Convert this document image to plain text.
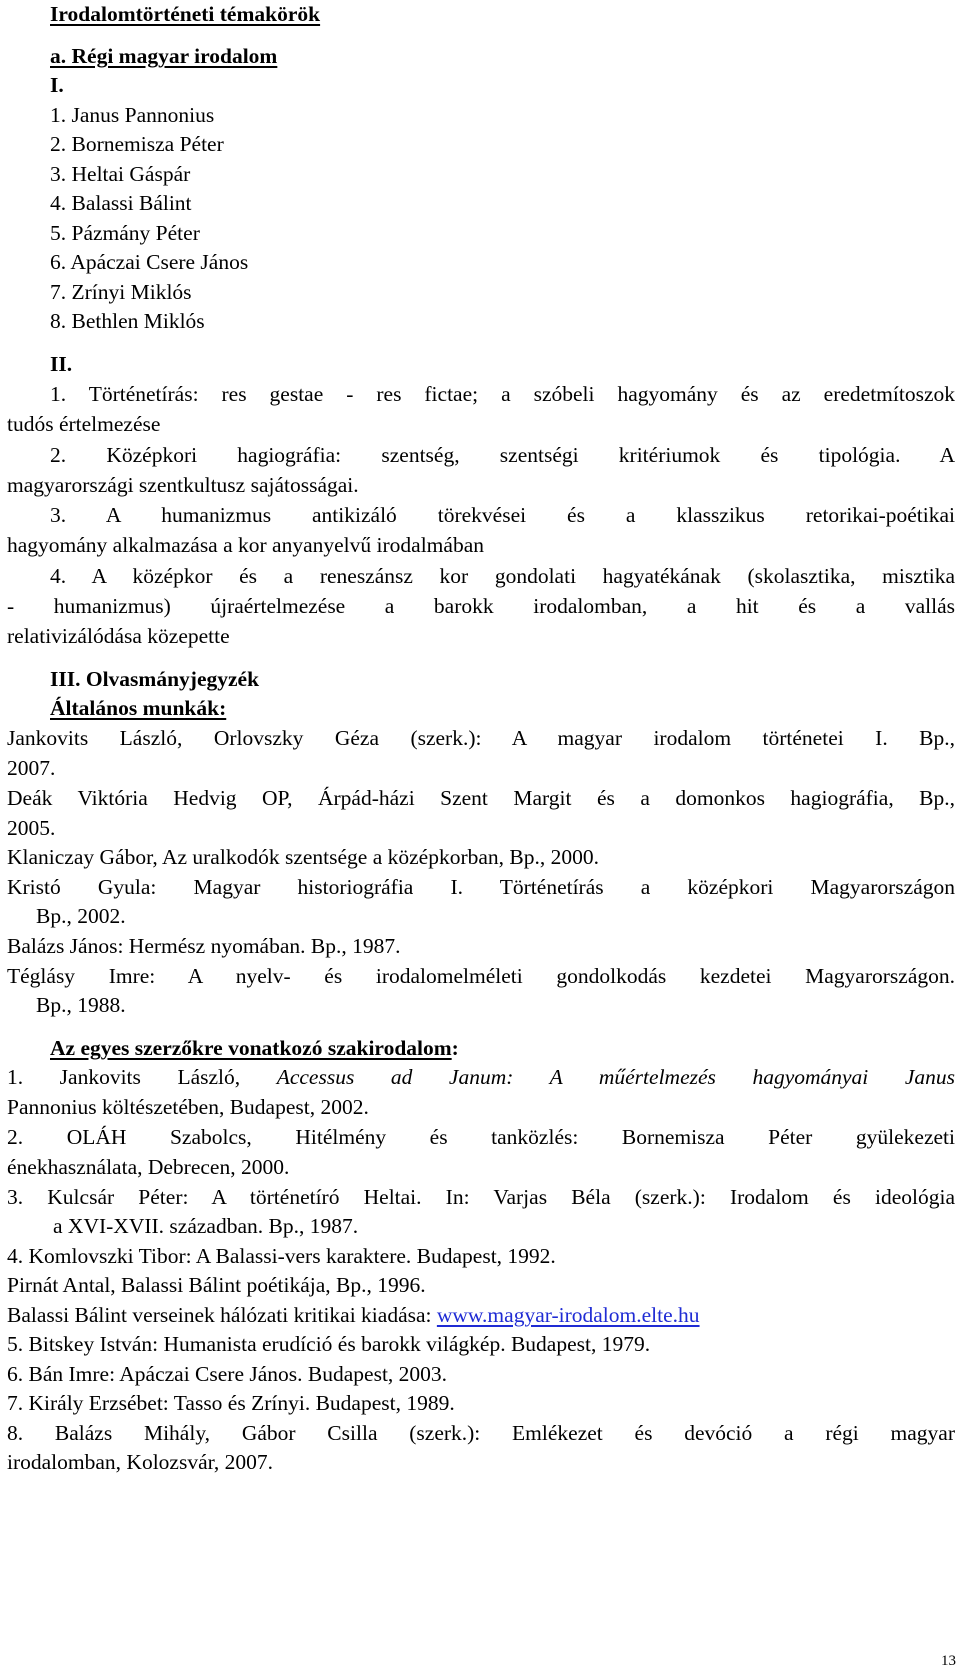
Irodalomtörténeti témakörök
a. Régi magyar irodalom
I.
1. Janus Pannonius
2. Bornemisza Péter
3. Heltai Gáspár
4. Balassi Bálint
5. Pázmány Péter
6. Apáczai Csere János
7. Zrínyi Miklós
8. Bethlen Miklós
II.
1. Történetírás: res gestae - res fictae; a szóbeli hagyomány és az eredetmítoszok
tudós értelmezése
2. Középkori hagiográfia: szentség, szentségi kritériumok és tipológia. A
magyarországi szentkultusz sajátosságai.
3. A humanizmus antikizáló törekvései és a klasszikus retorikai-poétikai
hagyomány alkalmazása a kor anyanyelvű irodalmában
4. A középkor és a reneszánsz kor gondolati hagyatékának (skolasztika, misztika
- humanizmus) újraértelmezése a barokk irodalomban, a hit és a vallás
relativizálódása közepette
III. Olvasmányjegyzék
Általános munkák:
Jankovits László, Orlovszky Géza (szerk.): A magyar irodalom történetei I. Bp.,
2007.
Deák Viktória Hedvig OP, Árpád-házi Szent Margit és a domonkos hagiográfia, Bp.,
2005.
Klaniczay Gábor, Az uralkodók szentsége a középkorban, Bp., 2000.
Kristó Gyula: Magyar historiográfia I. Történetírás a középkori Magyarországon
Bp., 2002.
Balázs János: Hermész nyomában. Bp., 1987.
Téglásy Imre: A nyelv- és irodalomelméleti gondolkodás kezdetei Magyarországon.
Bp., 1988.
Az egyes szerzőkre vonatkozó szakirodalom:
1. Jankovits László, Accessus ad Janum: A műértelmezés hagyományai Janus
Pannonius költészetében, Budapest, 2002.
2. OLÁH Szabolcs, Hitélmény és tanközlés: Bornemisza Péter gyülekezeti
énekhasználata, Debrecen, 2000.
3. Kulcsár Péter: A történetíró Heltai. In: Varjas Béla (szerk.): Irodalom és ideológia
a XVI-XVII. században. Bp., 1987.
4. Komlovszki Tibor: A Balassi-vers karaktere. Budapest, 1992.
Pirnát Antal, Balassi Bálint poétikája, Bp., 1996.
Balassi Bálint verseinek hálózati kritikai kiadása: www.magyar-irodalom.elte.hu
5. Bitskey István: Humanista erudíció és barokk világkép. Budapest, 1979.
6. Bán Imre: Apáczai Csere János. Budapest, 2003.
7. Király Erzsébet: Tasso és Zrínyi. Budapest, 1989.
8. Balázs Mihály, Gábor Csilla (szerk.): Emlékezet és devóció a régi magyar
irodalomban, Kolozsvár, 2007.
13
